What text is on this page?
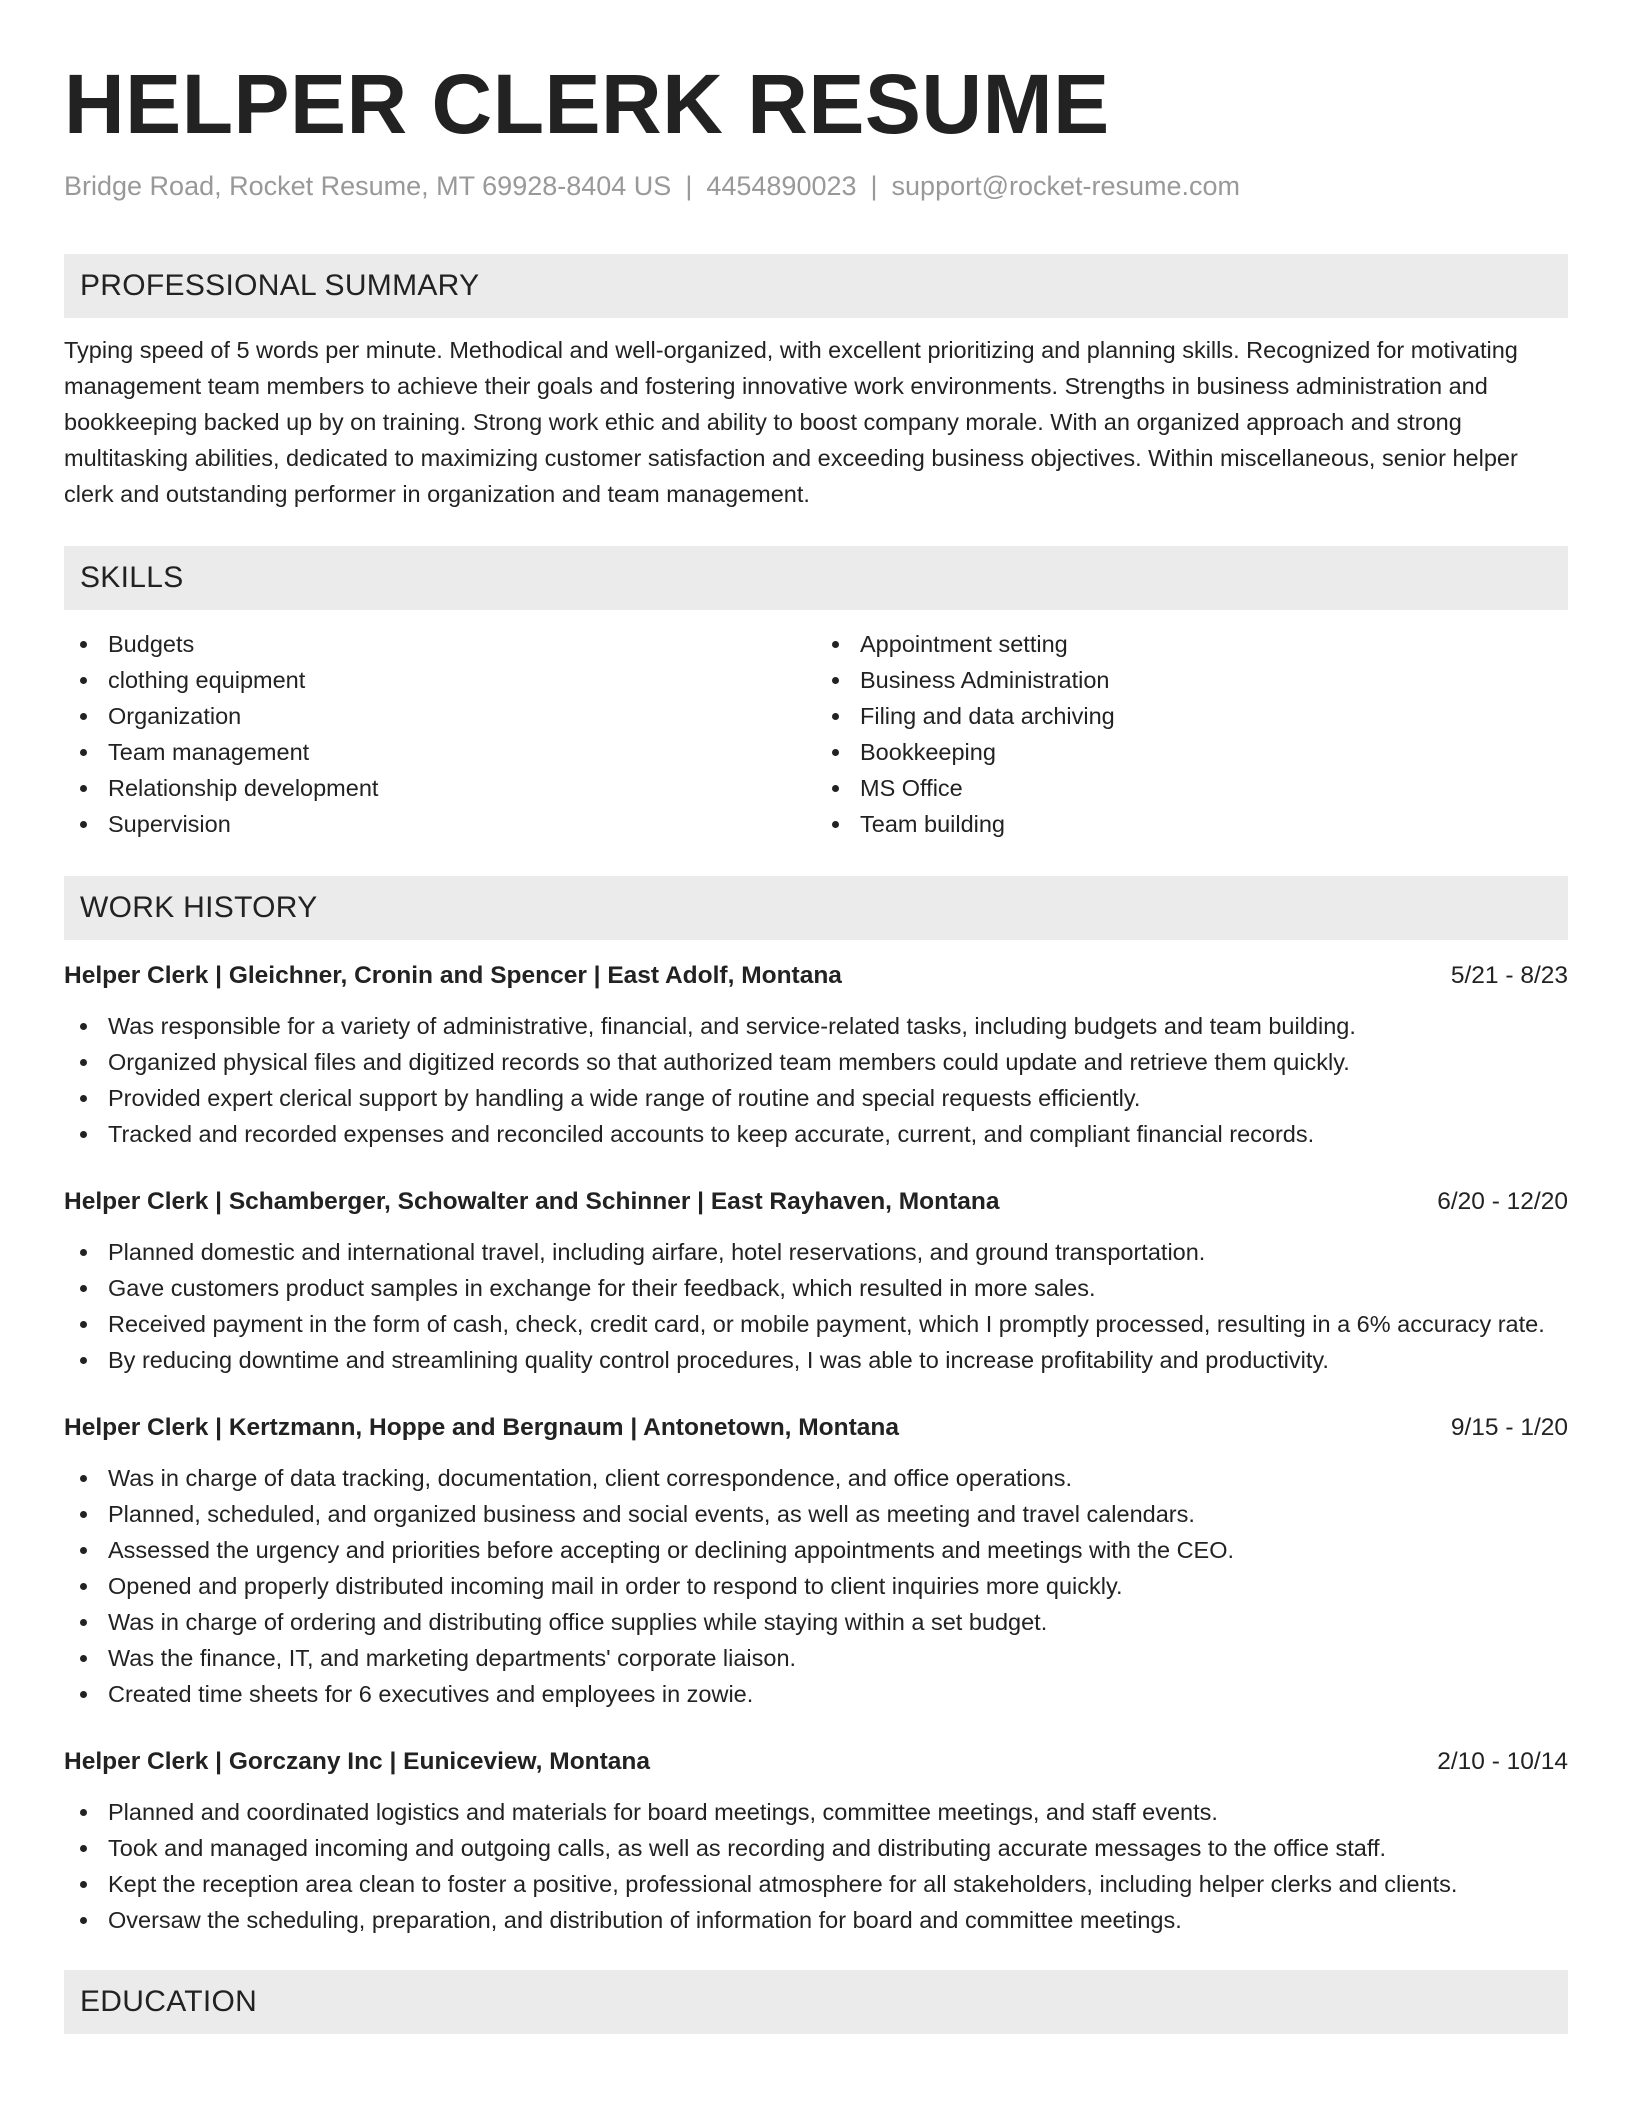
HELPER CLERK RESUME
Bridge Road, Rocket Resume, MT 69928-8404 US | 4454890023 | support@rocket-resume.com
PROFESSIONAL SUMMARY
Typing speed of 5 words per minute. Methodical and well-organized, with excellent prioritizing and planning skills. Recognized for motivating management team members to achieve their goals and fostering innovative work environments. Strengths in business administration and bookkeeping backed up by on training. Strong work ethic and ability to boost company morale. With an organized approach and strong multitasking abilities, dedicated to maximizing customer satisfaction and exceeding business objectives. Within miscellaneous, senior helper clerk and outstanding performer in organization and team management.
SKILLS
Budgets
clothing equipment
Organization
Team management
Relationship development
Supervision
Appointment setting
Business Administration
Filing and data archiving
Bookkeeping
MS Office
Team building
WORK HISTORY
Helper Clerk | Gleichner, Cronin and Spencer | East Adolf, Montana	5/21 - 8/23
Was responsible for a variety of administrative, financial, and service-related tasks, including budgets and team building.
Organized physical files and digitized records so that authorized team members could update and retrieve them quickly.
Provided expert clerical support by handling a wide range of routine and special requests efficiently.
Tracked and recorded expenses and reconciled accounts to keep accurate, current, and compliant financial records.
Helper Clerk | Schamberger, Schowalter and Schinner | East Rayhaven, Montana	6/20 - 12/20
Planned domestic and international travel, including airfare, hotel reservations, and ground transportation.
Gave customers product samples in exchange for their feedback, which resulted in more sales.
Received payment in the form of cash, check, credit card, or mobile payment, which I promptly processed, resulting in a 6% accuracy rate.
By reducing downtime and streamlining quality control procedures, I was able to increase profitability and productivity.
Helper Clerk | Kertzmann, Hoppe and Bergnaum | Antonetown, Montana	9/15 - 1/20
Was in charge of data tracking, documentation, client correspondence, and office operations.
Planned, scheduled, and organized business and social events, as well as meeting and travel calendars.
Assessed the urgency and priorities before accepting or declining appointments and meetings with the CEO.
Opened and properly distributed incoming mail in order to respond to client inquiries more quickly.
Was in charge of ordering and distributing office supplies while staying within a set budget.
Was the finance, IT, and marketing departments' corporate liaison.
Created time sheets for 6 executives and employees in zowie.
Helper Clerk | Gorczany Inc | Euniceview, Montana	2/10 - 10/14
Planned and coordinated logistics and materials for board meetings, committee meetings, and staff events.
Took and managed incoming and outgoing calls, as well as recording and distributing accurate messages to the office staff.
Kept the reception area clean to foster a positive, professional atmosphere for all stakeholders, including helper clerks and clients.
Oversaw the scheduling, preparation, and distribution of information for board and committee meetings.
EDUCATION
